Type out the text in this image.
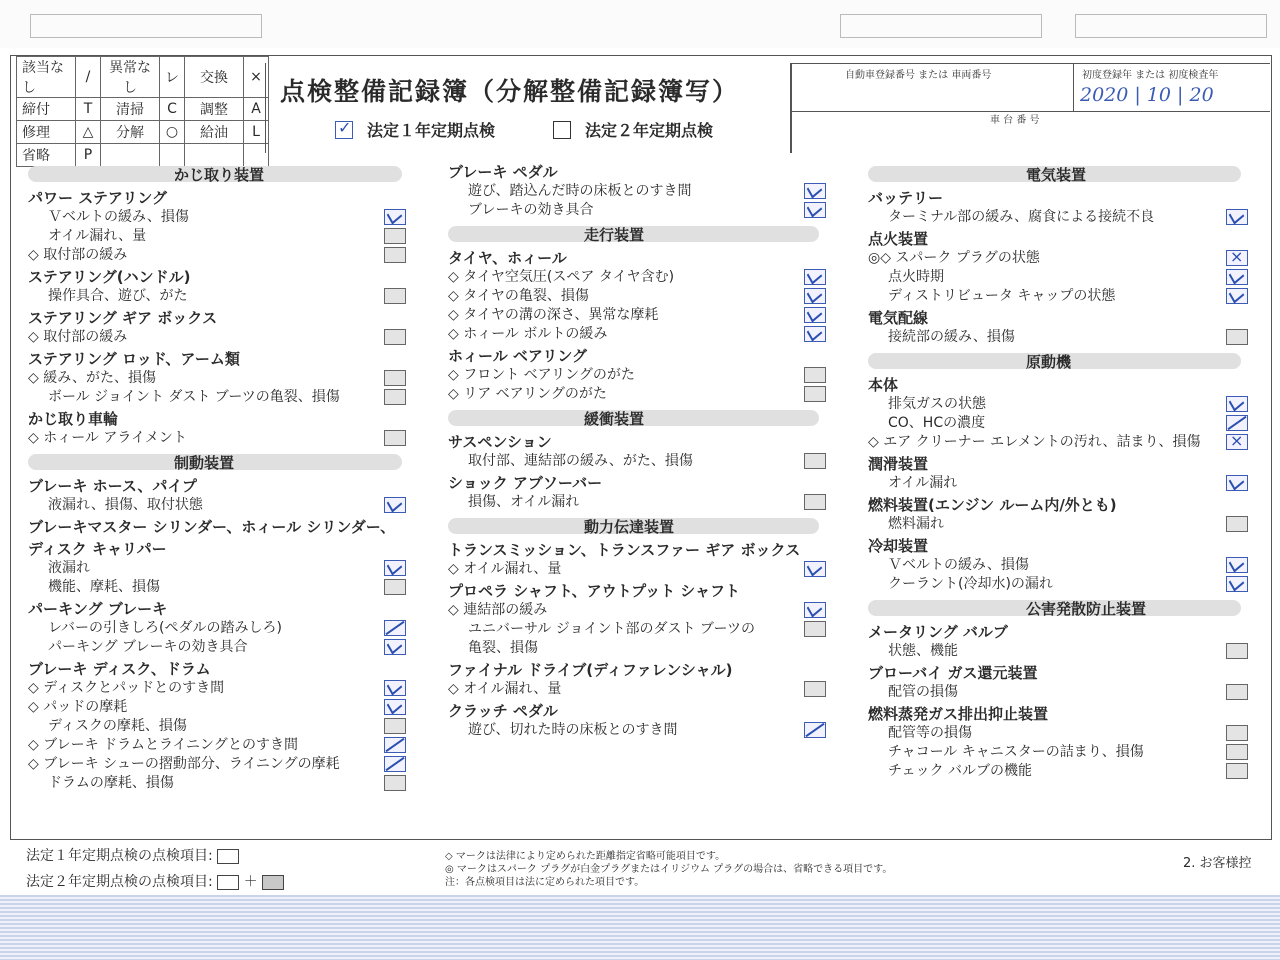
該当なし	/	異常なし	レ	交換	×
締付	T	清掃	C	調整	A
修理	△	分解	○	給油	L
省略	P				
点検整備記録簿（分解整備記録簿写）
✓ 法定１年定期点検	法定２年定期点検
自動車登録番号 または 車両番号	初度登録年 または 初度検査年
2020 | 10 | 20
車 台 番 号
かじ取り装置
パワー ステアリング
Ｖベルトの緩み、損傷
オイル漏れ、量
◇ 取付部の緩み
ステアリング(ハンドル)
操作具合、遊び、がた
ステアリング ギア ボックス
◇ 取付部の緩み
ステアリング ロッド、アーム類
◇ 緩み、がた、損傷
ボール ジョイント ダスト ブーツの亀裂、損傷
かじ取り車輪
◇ ホィール アライメント
制動装置
ブレーキ ホース、パイプ
液漏れ、損傷、取付状態
ブレーキマスター シリンダー、ホィール シリンダー、
ディスク キャリパー
液漏れ
機能、摩耗、損傷
パーキング ブレーキ
レバーの引きしろ(ペダルの踏みしろ)
パーキング ブレーキの効き具合
ブレーキ ディスク、ドラム
◇ ディスクとパッドとのすき間
◇ パッドの摩耗
ディスクの摩耗、損傷
◇ ブレーキ ドラムとライニングとのすき間
◇ ブレーキ シューの摺動部分、ライニングの摩耗
ドラムの摩耗、損傷
ブレーキ ペダル
遊び、踏込んだ時の床板とのすき間
ブレーキの効き具合
走行装置
タイヤ、ホィール
◇ タイヤ空気圧(スペア タイヤ含む)
◇ タイヤの亀裂、損傷
◇ タイヤの溝の深さ、異常な摩耗
◇ ホィール ボルトの緩み
ホィール ベアリング
◇ フロント ベアリングのがた
◇ リア ベアリングのがた
緩衝装置
サスペンション
取付部、連結部の緩み、がた、損傷
ショック アブソーバー
損傷、オイル漏れ
動力伝達装置
トランスミッション、トランスファー ギア ボックス
◇ オイル漏れ、量
プロペラ シャフト、アウトプット シャフト
◇ 連結部の緩み
ユニバーサル ジョイント部のダスト ブーツの
亀裂、損傷
ファイナル ドライブ(ディファレンシャル)
◇ オイル漏れ、量
クラッチ ペダル
遊び、切れた時の床板とのすき間
電気装置
バッテリー
ターミナル部の緩み、腐食による接続不良
点火装置
◎◇ スパーク プラグの状態
×
点火時期
ディストリビュータ キャップの状態
電気配線
接続部の緩み、損傷
原動機
本体
排気ガスの状態
CO、HCの濃度
◇ エア クリーナー エレメントの汚れ、詰まり、損傷
×
潤滑装置
オイル漏れ
燃料装置(エンジン ルーム内/外とも)
燃料漏れ
冷却装置
Ｖベルトの緩み、損傷
クーラント(冷却水)の漏れ
公害発散防止装置
メータリング バルブ
状態、機能
ブローバイ ガス還元装置
配管の損傷
燃料蒸発ガス排出抑止装置
配管等の損傷
チャコール キャニスターの詰まり、損傷
チェック バルブの機能
法定１年定期点検の点検項目:
法定２年定期点検の点検項目: ＋
◇ マークは法律により定められた距離指定省略可能項目です。
◎ マークはスパーク プラグが白金プラグまたはイリジウム プラグの場合は、省略できる項目です。
注：各点検項目は法に定められた項目です。
2. お客様控
